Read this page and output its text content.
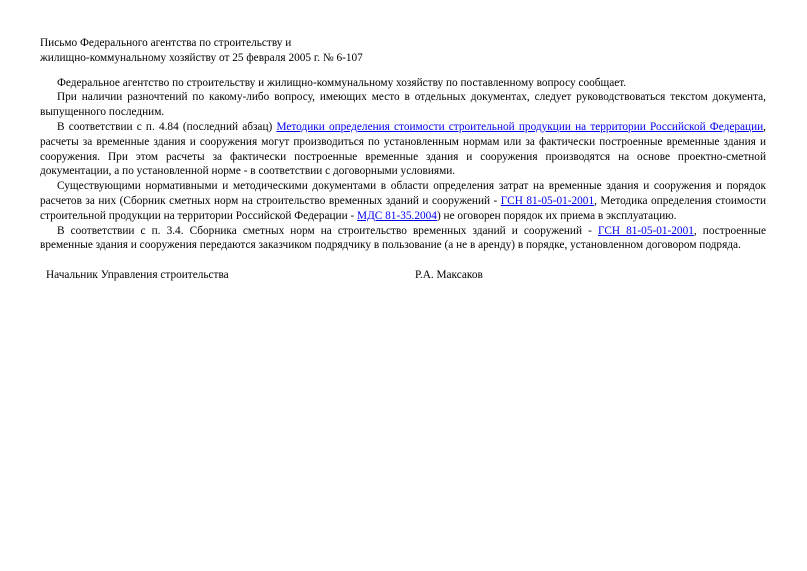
Письмо Федерального агентства по строительству и
жилищно-коммунальному хозяйству от 25 февраля 2005 г. № 6-107

Федеральное агентство по строительству и жилищно-коммунальному хозяйству по поставленному вопросу сообщает.

При наличии разночтений по какому-либо вопросу, имеющих место в отдельных документах, следует руководствоваться текстом документа, выпущенного последним.

В соответствии с п. 4.84 (последний абзац) Методики определения стоимости строительной продукции на территории Российской Федерации, расчеты за временные здания и сооружения могут производиться по установленным нормам или за фактически построенные временные здания и сооружения. При этом расчеты за фактически построенные временные здания и сооружения производятся на основе проектно-сметной документации, а по установленной норме - в соответствии с договорными условиями.

Существующими нормативными и методическими документами в области определения затрат на временные здания и сооружения и порядок расчетов за них (Сборник сметных норм на строительство временных зданий и сооружений - ГСН 81-05-01-2001, Методика определения стоимости строительной продукции на территории Российской Федерации - МДС 81-35.2004) не оговорен порядок их приема в эксплуатацию.

В соответствии с п. 3.4. Сборника сметных норм на строительство временных зданий и сооружений - ГСН 81-05-01-2001, построенные временные здания и сооружения передаются заказчиком подрядчику в пользование (а не в аренду) в порядке, установленном договором подряда.

Начальник Управления строительства	Р.А. Максаков
